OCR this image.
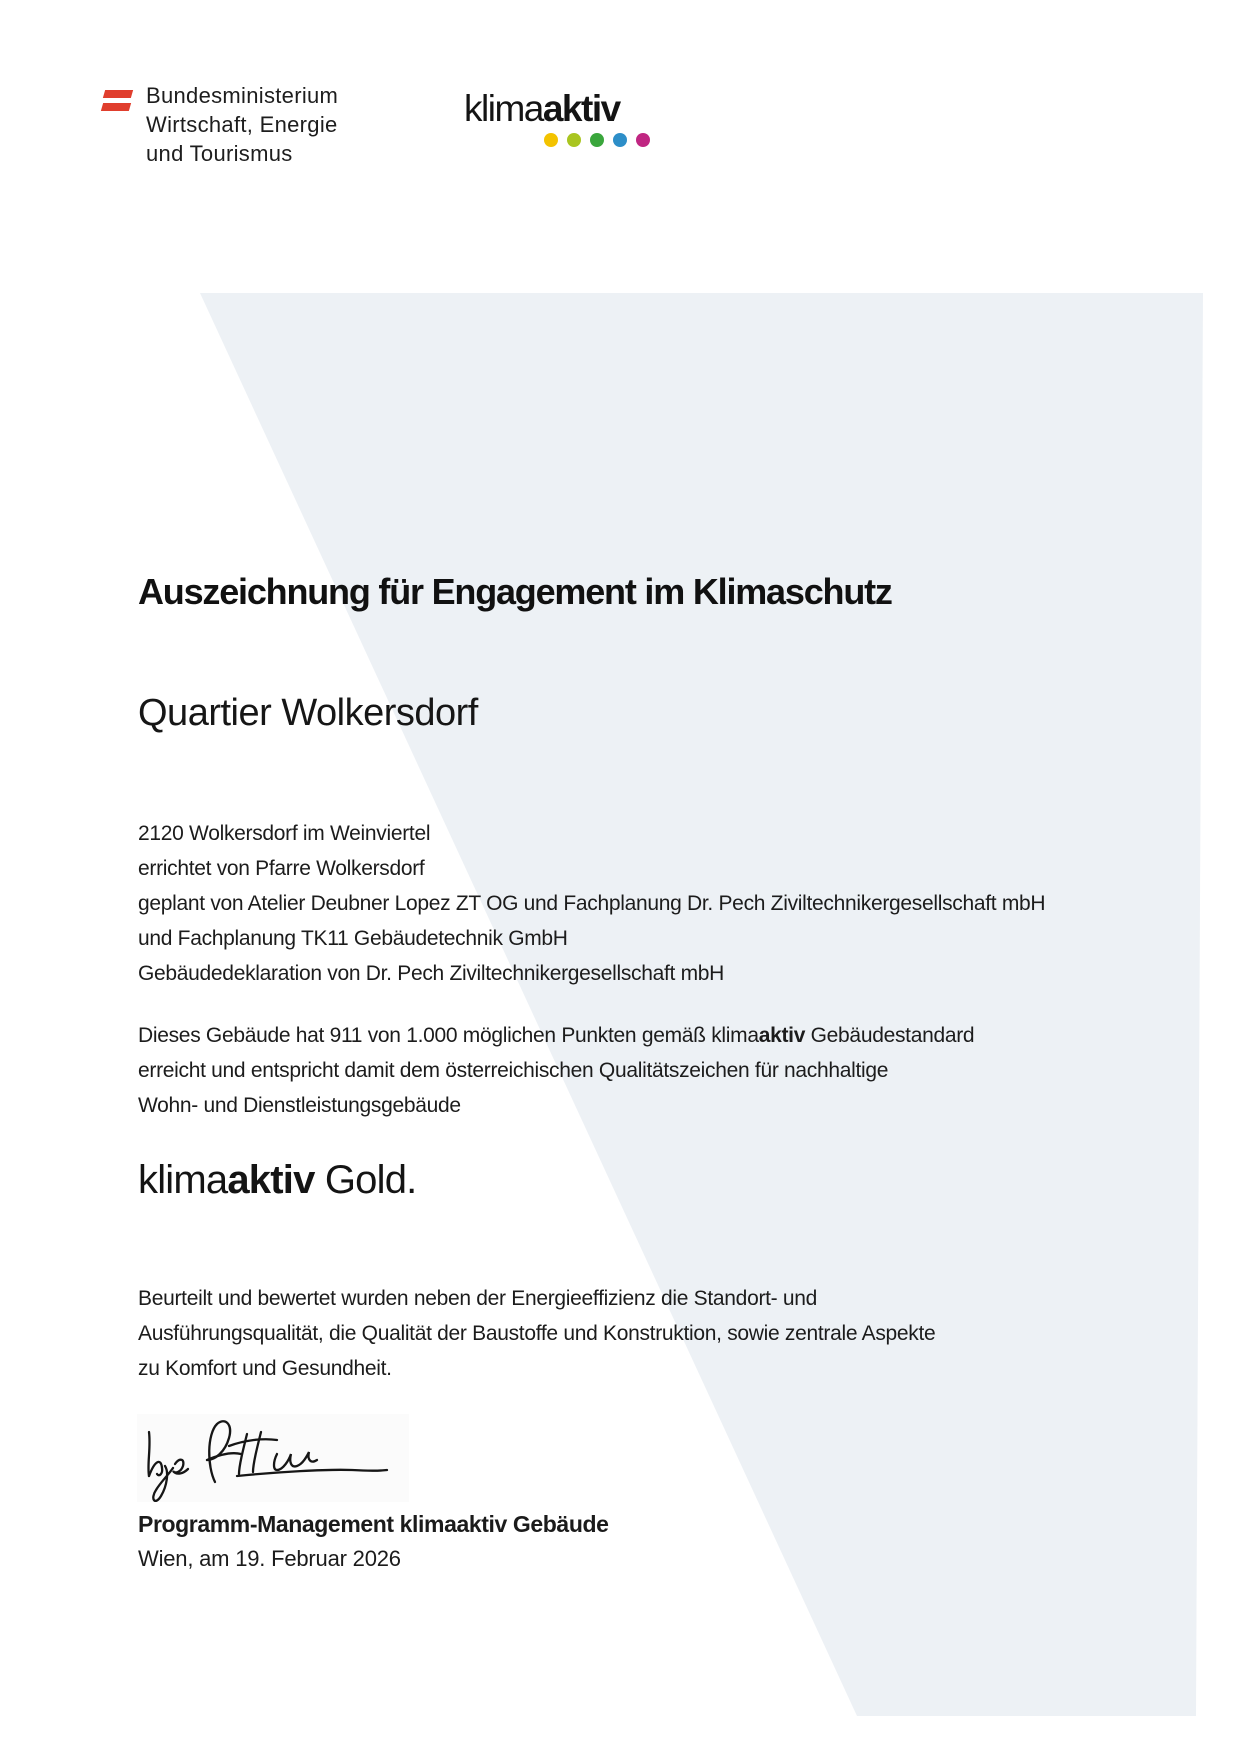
Bundesministerium
Wirtschaft, Energie
und Tourismus
klimaaktiv
Auszeichnung für Engagement im Klimaschutz
Quartier Wolkersdorf
2120 Wolkersdorf im Weinviertel
errichtet von Pfarre Wolkersdorf
geplant von Atelier Deubner Lopez ZT OG und Fachplanung Dr. Pech Ziviltechnikergesellschaft mbH
und Fachplanung TK11 Gebäudetechnik GmbH
Gebäudedeklaration von Dr. Pech Ziviltechnikergesellschaft mbH
Dieses Gebäude hat 911 von 1.000 möglichen Punkten gemäß klimaaktiv Gebäudestandard
erreicht und entspricht damit dem österreichischen Qualitätszeichen für nachhaltige
Wohn- und Dienstleistungsgebäude
klimaaktiv Gold.
Beurteilt und bewertet wurden neben der Energieeffizienz die Standort- und
Ausführungsqualität, die Qualität der Baustoffe und Konstruktion, sowie zentrale Aspekte
zu Komfort und Gesundheit.
Programm-Management klimaaktiv Gebäude
Wien, am 19. Februar 2026
